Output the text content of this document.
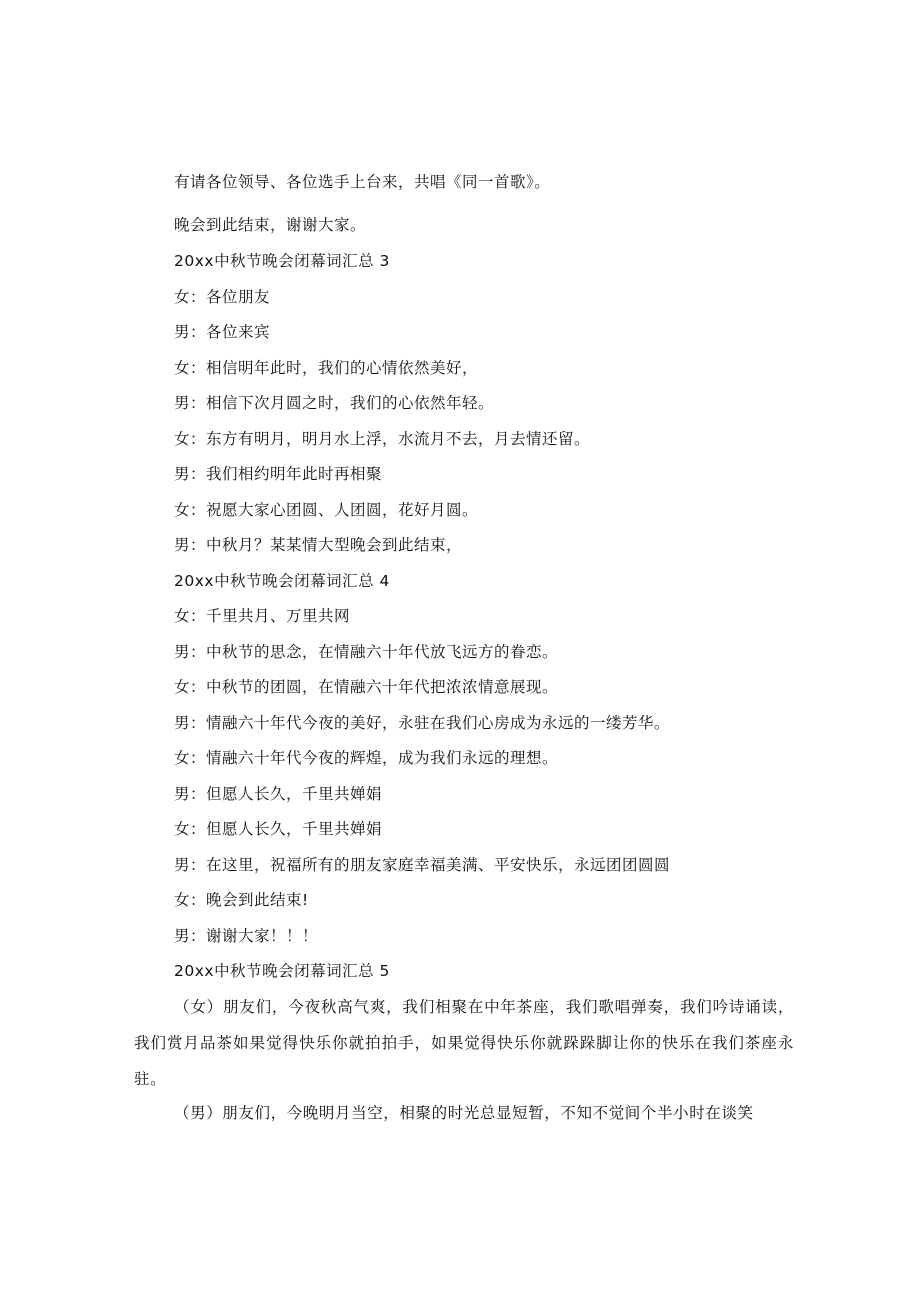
有请各位领导、各位选手上台来，共唱《同一首歌》。
晚会到此结束，谢谢大家。
20xx中秋节晚会闭幕词汇总 3
女：各位朋友
男：各位来宾
女：相信明年此时，我们的心情依然美好，
男：相信下次月圆之时，我们的心依然年轻。
女：东方有明月，明月水上浮，水流月不去，月去情还留。
男：我们相约明年此时再相聚
女：祝愿大家心团圆、人团圆，花好月圆。
男：中秋月？某某情大型晚会到此结束，
20xx中秋节晚会闭幕词汇总 4
女：千里共月、万里共网
男：中秋节的思念，在情融六十年代放飞远方的眷恋。
女：中秋节的团圆，在情融六十年代把浓浓情意展现。
男：情融六十年代今夜的美好，永驻在我们心房成为永远的一缕芳华。
女：情融六十年代今夜的辉煌，成为我们永远的理想。
男：但愿人长久，千里共婵娟
女：但愿人长久，千里共婵娟
男：在这里，祝福所有的朋友家庭幸福美满、平安快乐，永远团团圆圆
女：晚会到此结束!
男：谢谢大家！！！
20xx中秋节晚会闭幕词汇总 5
（女）朋友们，今夜秋高气爽，我们相聚在中年茶座，我们歌唱弹奏，我们吟诗诵读，我们赏月品茶如果觉得快乐你就拍拍手，如果觉得快乐你就跺跺脚让你的快乐在我们茶座永驻。
（男）朋友们，今晚明月当空，相聚的时光总显短暂，不知不觉间个半小时在谈笑
